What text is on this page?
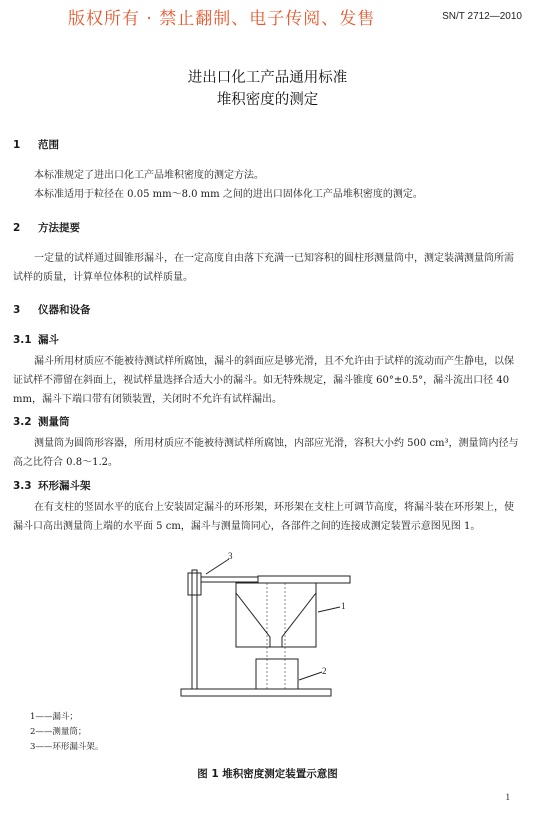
SN/T 2712—2010
版权所有 · 禁止翻制、电子传阅、发售
进出口化工产品通用标准
堆积密度的测定
1 范围
本标准规定了进出口化工产品堆积密度的测定方法。
本标准适用于粒径在 0.05 mm～8.0 mm 之间的进出口固体化工产品堆积密度的测定。
2 方法提要
一定量的试样通过圆锥形漏斗，在一定高度自由落下充满一已知容积的圆柱形测量筒中，测定装满测量筒所需试样的质量，计算单位体积的试样质量。
3 仪器和设备
3.1 漏斗
漏斗所用材质应不能被待测试样所腐蚀，漏斗的斜面应是够光滑，且不允许由于试样的流动而产生静电，以保证试样不滞留在斜面上，视试样量选择合适大小的漏斗。如无特殊规定，漏斗锥度 60°±0.5°，漏斗流出口径 40 mm，漏斗下端口带有闭锁装置，关闭时不允许有试样漏出。
3.2 测量筒
测量筒为圆筒形容器，所用材质应不能被待测试样所腐蚀，内部应光滑，容积大小约 500 cm³，测量筒内径与高之比符合 0.8～1.2。
3.3 环形漏斗架
在有支柱的竖固水平的底台上安装固定漏斗的环形架，环形架在支柱上可调节高度，将漏斗装在环形架上，使漏斗口高出测量筒上端的水平面 5 cm，漏斗与测量筒同心，各部件之间的连接成测定装置示意图见图 1。
3
1
2
1——漏斗；
2——测量筒；
3——环形漏斗架。
图 1 堆积密度测定装置示意图
1
